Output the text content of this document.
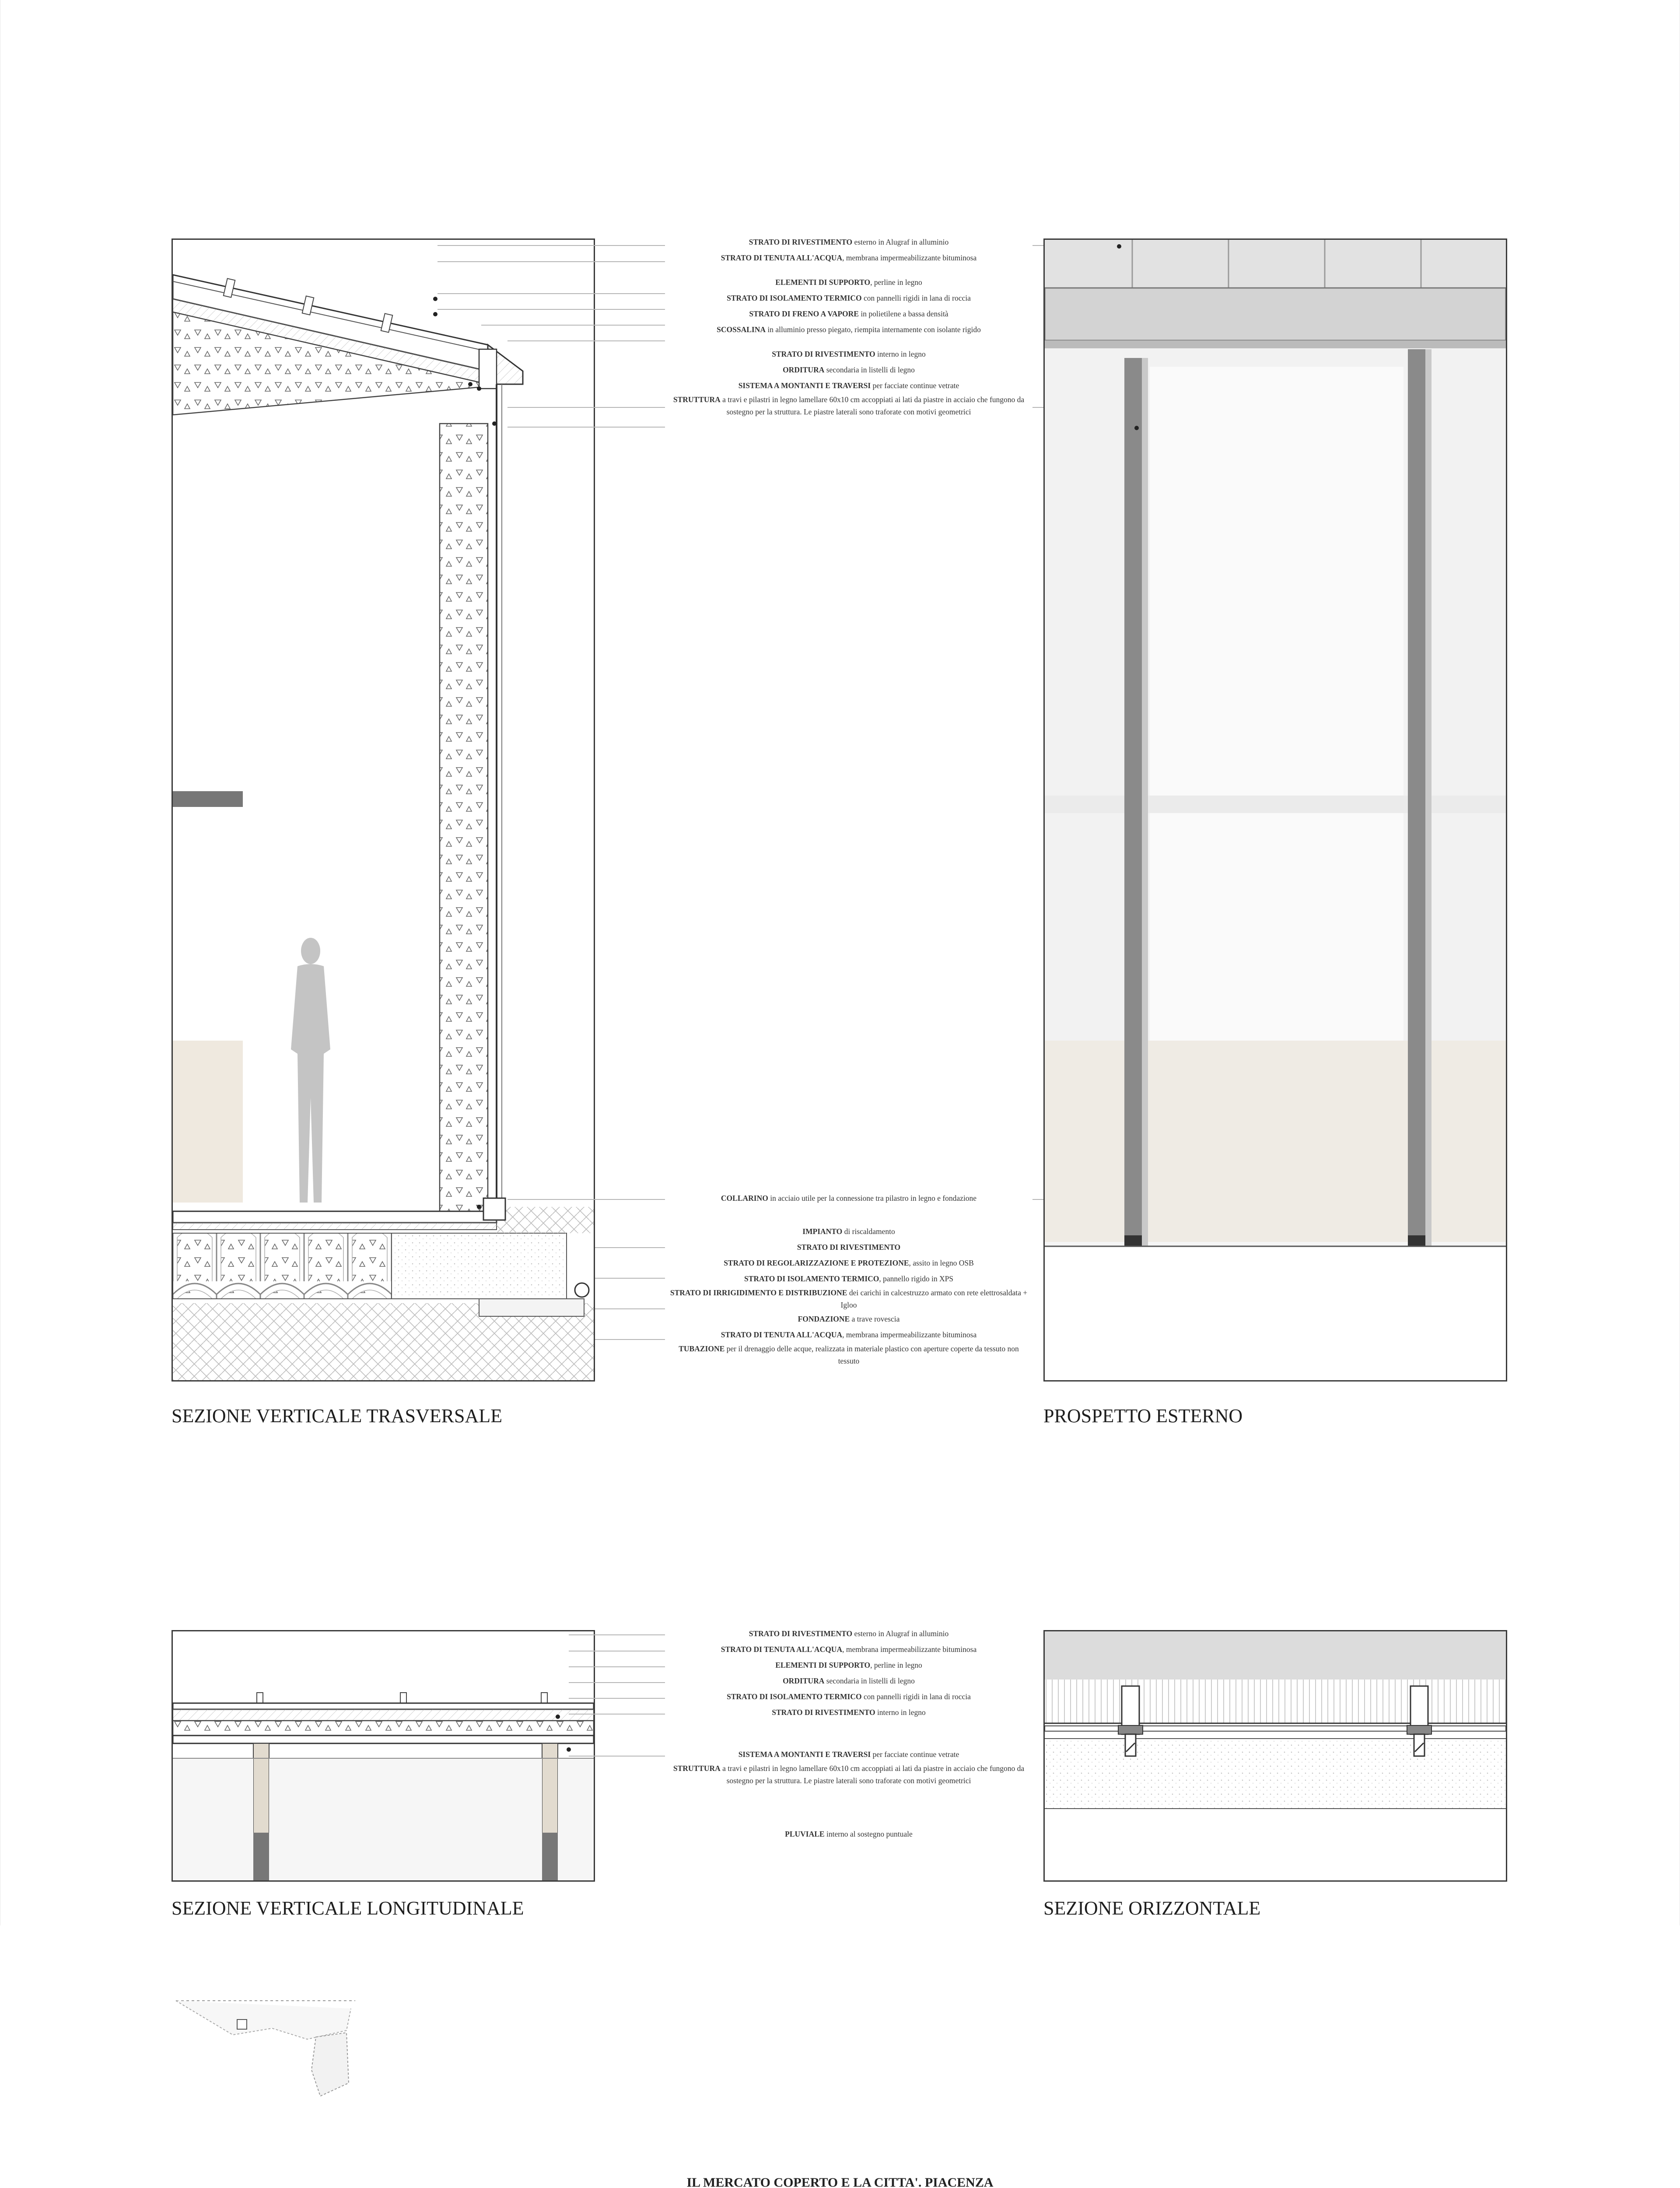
SEZIONE VERTICALE TRASVERSALE
STRATO DI RIVESTIMENTO esterno in Alugraf in alluminio
STRATO DI TENUTA ALL'ACQUA, membrana impermeabilizzante bituminosa
ELEMENTI DI SUPPORTO, perline in legno
STRATO DI ISOLAMENTO TERMICO con pannelli rigidi in lana di roccia
STRATO DI FRENO A VAPORE in polietilene a bassa densità
SCOSSALINA in alluminio presso piegato, riempita internamente con isolante rigido
STRATO DI RIVESTIMENTO interno in legno
ORDITURA secondaria in listelli di legno
SISTEMA A MONTANTI E TRAVERSI per facciate continue vetrate
STRUTTURA a travi e pilastri in legno lamellare 60x10 cm accoppiati ai lati da piastre in acciaio che fungono da sostegno per la struttura. Le piastre laterali sono traforate con motivi geometrici
COLLARINO in acciaio utile per la connessione tra pilastro in legno e fondazione
IMPIANTO di riscaldamento
STRATO DI RIVESTIMENTO
STRATO DI REGOLARIZZAZIONE E PROTEZIONE, assito in legno OSB
STRATO DI ISOLAMENTO TERMICO, pannello rigido in XPS
STRATO DI IRRIGIDIMENTO E DISTRIBUZIONE dei carichi in calcestruzzo armato con rete elettrosaldata + Igloo
FONDAZIONE a trave rovescia
STRATO DI TENUTA ALL'ACQUA, membrana impermeabilizzante bituminosa
TUBAZIONE per il drenaggio delle acque, realizzata in materiale plastico con aperture coperte da tessuto non tessuto
PROSPETTO ESTERNO
SEZIONE VERTICALE LONGITUDINALE
STRATO DI RIVESTIMENTO esterno in Alugraf in alluminio
STRATO DI TENUTA ALL'ACQUA, membrana impermeabilizzante bituminosa
ELEMENTI DI SUPPORTO, perline in legno
ORDITURA secondaria in listelli di legno
STRATO DI ISOLAMENTO TERMICO con pannelli rigidi in lana di roccia
STRATO DI RIVESTIMENTO interno in legno
SISTEMA A MONTANTI E TRAVERSI per facciate continue vetrate
STRUTTURA a travi e pilastri in legno lamellare 60x10 cm accoppiati ai lati da piastre in acciaio che fungono da sostegno per la struttura. Le piastre laterali sono traforate con motivi geometrici
PLUVIALE interno al sostegno puntuale
SEZIONE ORIZZONTALE
IL MERCATO COPERTO E LA CITTA'. PIACENZA
